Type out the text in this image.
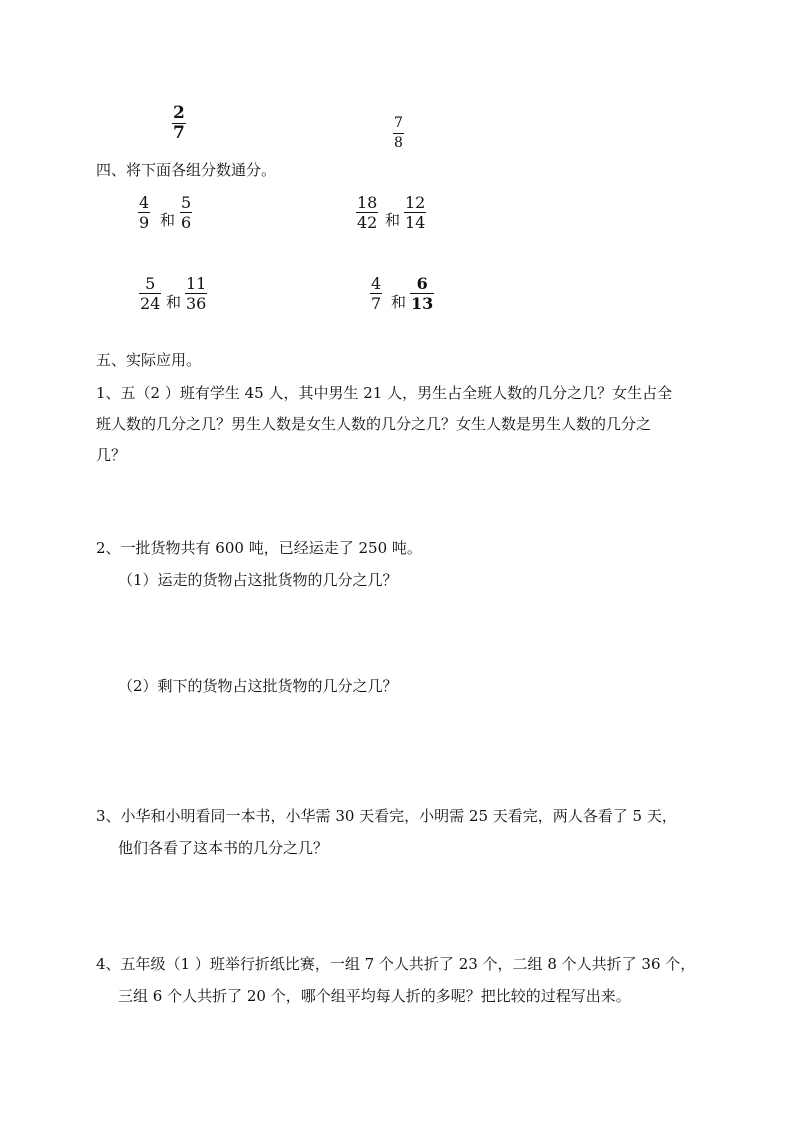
2
7	7
8
四、将下面各组分数通分。
4
9 和
5
6
18
42 和
12
14
5
24 和
11
36
4
7 和
6
13
五、实际应用。
1、五（2 ）班有学生 45 人，其中男生 21 人，男生占全班人数的几分之几？女生占全
班人数的几分之几？男生人数是女生人数的几分之几？女生人数是男生人数的几分之
几？
2、一批货物共有 600 吨，已经运走了 250 吨。
（1）运走的货物占这批货物的几分之几？
（2）剩下的货物占这批货物的几分之几？
3、小华和小明看同一本书，小华需 30 天看完，小明需 25 天看完，两人各看了 5 天，
他们各看了这本书的几分之几？
4、五年级（1 ）班举行折纸比赛，一组 7 个人共折了 23 个，二组 8 个人共折了 36 个，
三组 6 个人共折了 20 个，哪个组平均每人折的多呢？把比较的过程写出来。
